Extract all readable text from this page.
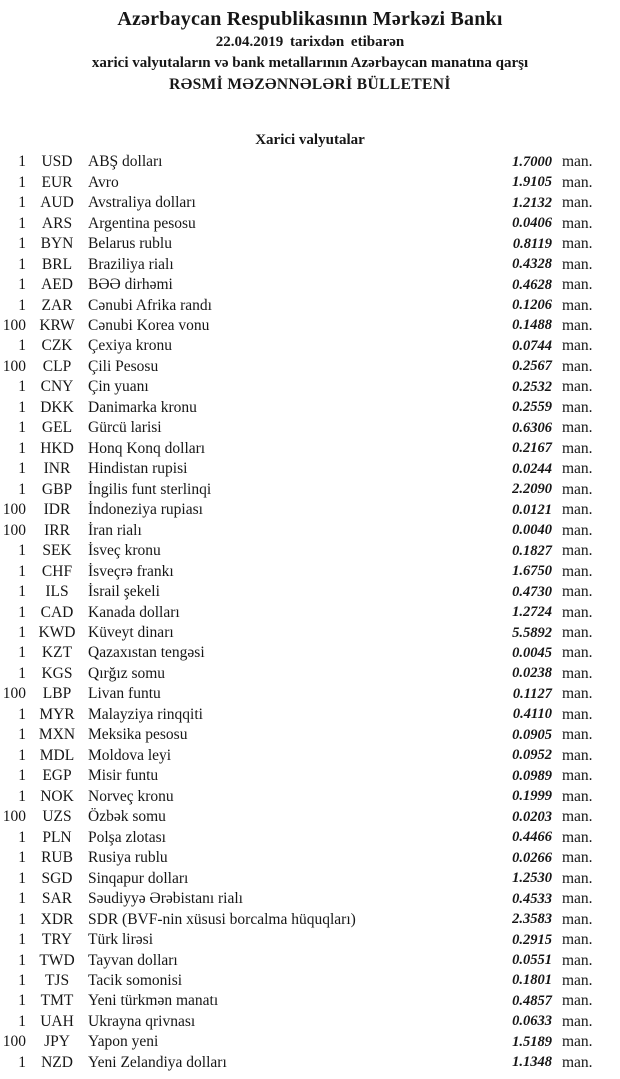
Azərbaycan Respublikasının Mərkəzi Bankı
22.04.2019 tarixdən etibarən
xarici valyutaların və bank metallarının Azərbaycan manatına qarşı
RƏSMİ MƏZƏNNƏLƏRİ BÜLLETENİ
Xarici valyutalar
1 USD	ABŞ dolları	1.7000 man.
1	EUR	Avro	1.9105 man.
1 AUD Avstraliya dolları	1.2132 man.
1	ARS	Argentina pesosu	0.0406 man.
1 BYN Belarus rublu	0.8119 man.
1	BRL	Braziliya rialı	0.4328 man.
1 AED BƏƏ dirhəmi	0.4628 man.
1	ZAR	Cənubi Afrika randı	0.1206 man.
100 KRW Cənubi Korea vonu	0.1488 man.
1	CZK	Çexiya kronu	0.0744 man.
100	CLP	Çili Pesosu	0.2567 man.
1 CNY Çin yuanı	0.2532 man.
1 DKK Danimarka kronu	0.2559 man.
1	GEL	Gürcü larisi	0.6306 man.
1 HKD Honq Konq dolları	0.2167 man.
1	INR	Hindistan rupisi	0.0244 man.
1	GBP	İngilis funt sterlinqi	2.2090 man.
100	IDR	İndoneziya rupiası	0.0121 man.
100	IRR	İran rialı	0.0040 man.
1	SEK	İsveç kronu	0.1827 man.
1	CHF	İsveçrə frankı	1.6750 man.
1	ILS	İsrail şekeli	0.4730 man.
1 CAD Kanada dolları	1.2724 man.
1 KWD Küveyt dinarı	5.5892 man.
1	KZT	Qazaxıstan tengəsi	0.0045 man.
1 KGS	Qırğız somu	0.0238 man.
100	LBP	Livan funtu	0.1127 man.
1 MYR Malayziya rinqqiti	0.4110 man.
1 MXN Meksika pesosu	0.0905 man.
1 MDL Moldova leyi	0.0952 man.
1	EGP	Misir funtu	0.0989 man.
1 NOK Norveç kronu	0.1999 man.
100	UZS	Özbək somu	0.0203 man.
1	PLN	Polşa zlotası	0.4466 man.
1 RUB Rusiya rublu	0.0266 man.
1 SGD	Sinqapur dolları	1.2530 man.
1	SAR	Səudiyyə Ərəbistanı rialı	0.4533 man.
1 XDR SDR (BVF-nin xüsusi borcalma hüquqları)	2.3583 man.
1	TRY	Türk lirəsi	0.2915 man.
1 TWD Tayvan dolları	0.0551 man.
1	TJS	Tacik somonisi	0.1801 man.
1 TMT Yeni türkmən manatı	0.4857 man.
1 UAH Ukrayna qrivnası	0.0633 man.
100	JPY	Yapon yeni	1.5189 man.
1 NZD Yeni Zelandiya dolları	1.1348 man.
